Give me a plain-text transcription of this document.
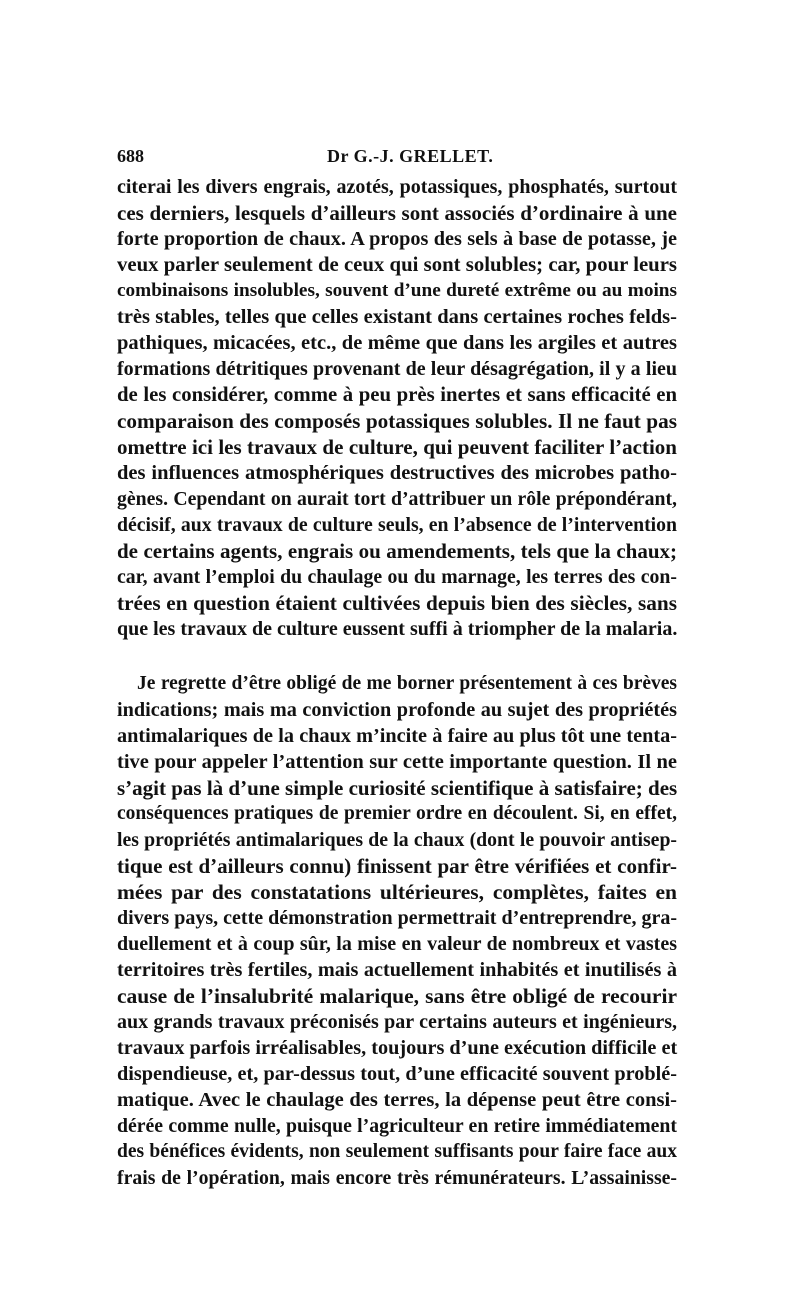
688	Dr G.-J. GRELLET.
citerai les divers engrais, azotés, potassiques, phosphatés, surtout
ces derniers, lesquels d’ailleurs sont associés d’ordinaire à une
forte proportion de chaux. A propos des sels à base de potasse, je
veux parler seulement de ceux qui sont solubles; car, pour leurs
combinaisons insolubles, souvent d’une dureté extrême ou au moins
très stables, telles que celles existant dans certaines roches felds-
pathiques, micacées, etc., de même que dans les argiles et autres
formations détritiques provenant de leur désagrégation, il y a lieu
de les considérer, comme à peu près inertes et sans efficacité en
comparaison des composés potassiques solubles. Il ne faut pas
omettre ici les travaux de culture, qui peuvent faciliter l’action
des influences atmosphériques destructives des microbes patho-
gènes. Cependant on aurait tort d’attribuer un rôle prépondérant,
décisif, aux travaux de culture seuls, en l’absence de l’intervention
de certains agents, engrais ou amendements, tels que la chaux;
car, avant l’emploi du chaulage ou du marnage, les terres des con-
trées en question étaient cultivées depuis bien des siècles, sans
que les travaux de culture eussent suffi à triompher de la malaria.
Je regrette d’être obligé de me borner présentement à ces brèves
indications; mais ma conviction profonde au sujet des propriétés
antimalariques de la chaux m’incite à faire au plus tôt une tenta-
tive pour appeler l’attention sur cette importante question. Il ne
s’agit pas là d’une simple curiosité scientifique à satisfaire; des
conséquences pratiques de premier ordre en découlent. Si, en effet,
les propriétés antimalariques de la chaux (dont le pouvoir antisep-
tique est d’ailleurs connu) finissent par être vérifiées et confir-
mées par des constatations ultérieures, complètes, faites en
divers pays, cette démonstration permettrait d’entreprendre, gra-
duellement et à coup sûr, la mise en valeur de nombreux et vastes
territoires très fertiles, mais actuellement inhabités et inutilisés à
cause de l’insalubrité malarique, sans être obligé de recourir
aux grands travaux préconisés par certains auteurs et ingénieurs,
travaux parfois irréalisables, toujours d’une exécution difficile et
dispendieuse, et, par-dessus tout, d’une efficacité souvent problé-
matique. Avec le chaulage des terres, la dépense peut être consi-
dérée comme nulle, puisque l’agriculteur en retire immédiatement
des bénéfices évidents, non seulement suffisants pour faire face aux
frais de l’opération, mais encore très rémunérateurs. L’assainisse-
